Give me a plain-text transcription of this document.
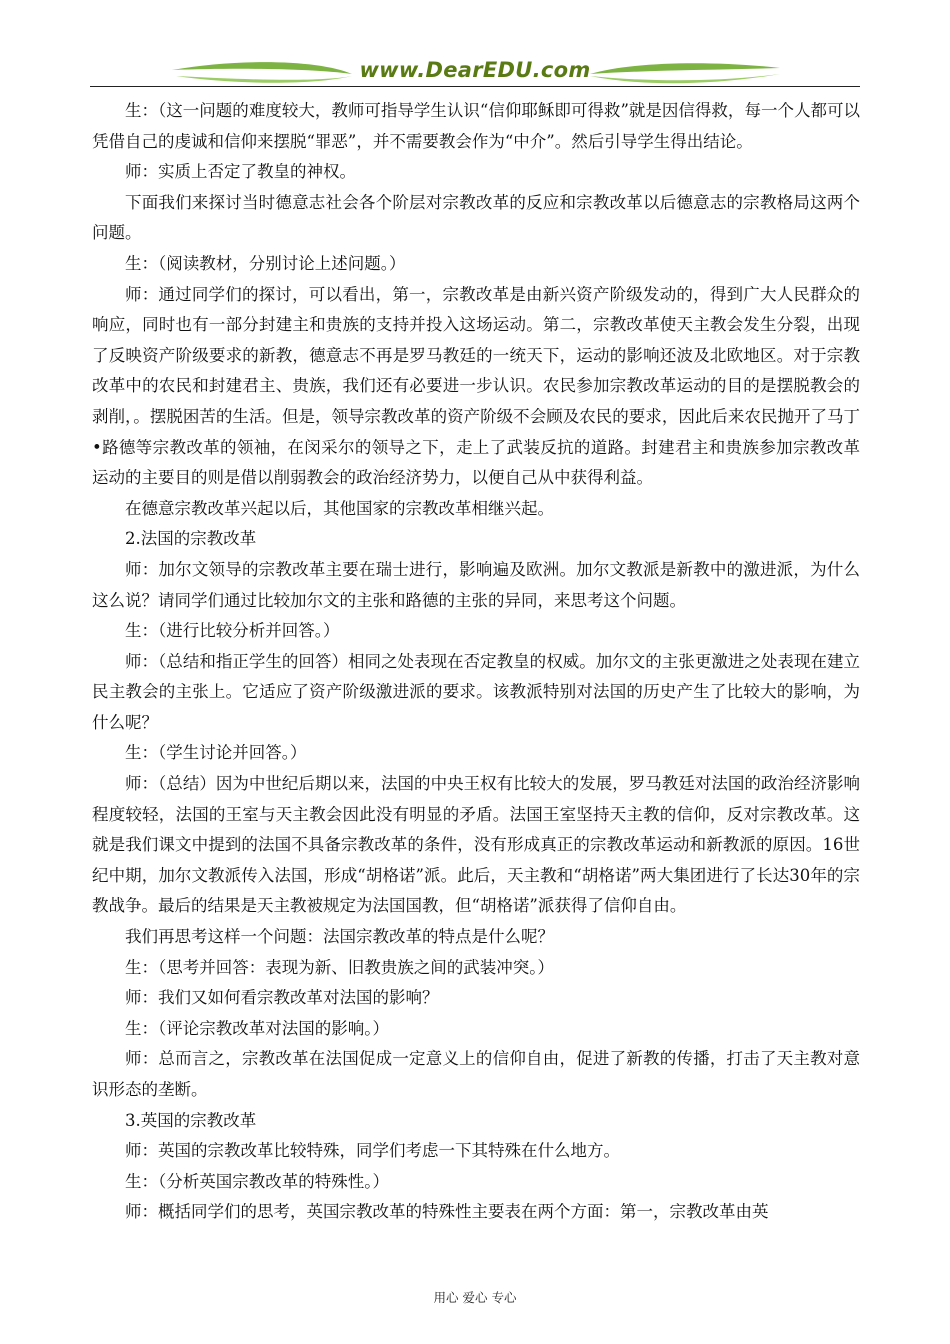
www.DearEDU.com

生：（这一问题的难度较大，教师可指导学生认识“信仰耶稣即可得救”就是因信得救，每一个人都可以凭借自己的虔诚和信仰来摆脱“罪恶”，并不需要教会作为“中介”。然后引导学生得出结论。

师：实质上否定了教皇的神权。

下面我们来探讨当时德意志社会各个阶层对宗教改革的反应和宗教改革以后德意志的宗教格局这两个问题。

生：（阅读教材，分别讨论上述问题。）

师：通过同学们的探讨，可以看出，第一，宗教改革是由新兴资产阶级发动的，得到广大人民群众的响应，同时也有一部分封建主和贵族的支持并投入这场运动。第二，宗教改革使天主教会发生分裂，出现了反映资产阶级要求的新教，德意志不再是罗马教廷的一统天下，运动的影响还波及北欧地区。对于宗教改革中的农民和封建君主、贵族，我们还有必要进一步认识。农民参加宗教改革运动的目的是摆脱教会的剥削，。摆脱困苦的生活。但是，领导宗教改革的资产阶级不会顾及农民的要求，因此后来农民抛开了马丁•路德等宗教改革的领袖，在闵采尔的领导之下，走上了武装反抗的道路。封建君主和贵族参加宗教改革运动的主要目的则是借以削弱教会的政治经济势力，以便自己从中获得利益。

在德意宗教改革兴起以后，其他国家的宗教改革相继兴起。

2.法国的宗教改革

师：加尔文领导的宗教改革主要在瑞士进行，影响遍及欧洲。加尔文教派是新教中的激进派，为什么这么说？请同学们通过比较加尔文的主张和路德的主张的异同，来思考这个问题。

生：（进行比较分析并回答。）

师：（总结和指正学生的回答）相同之处表现在否定教皇的权威。加尔文的主张更激进之处表现在建立民主教会的主张上。它适应了资产阶级激进派的要求。该教派特别对法国的历史产生了比较大的影响，为什么呢？

生：（学生讨论并回答。）

师：（总结）因为中世纪后期以来，法国的中央王权有比较大的发展，罗马教廷对法国的政治经济影响程度较轻，法国的王室与天主教会因此没有明显的矛盾。法国王室坚持天主教的信仰，反对宗教改革。这就是我们课文中提到的法国不具备宗教改革的条件，没有形成真正的宗教改革运动和新教派的原因。16世纪中期，加尔文教派传入法国，形成“胡格诺”派。此后，天主教和“胡格诺”两大集团进行了长达30年的宗教战争。最后的结果是天主教被规定为法国国教，但“胡格诺”派获得了信仰自由。

我们再思考这样一个问题：法国宗教改革的特点是什么呢？

生：（思考并回答：表现为新、旧教贵族之间的武装冲突。）

师：我们又如何看宗教改革对法国的影响？

生：（评论宗教改革对法国的影响。）

师：总而言之，宗教改革在法国促成一定意义上的信仰自由，促进了新教的传播，打击了天主教对意识形态的垄断。

3.英国的宗教改革

师：英国的宗教改革比较特殊，同学们考虑一下其特殊在什么地方。

生：（分析英国宗教改革的特殊性。）

师：概括同学们的思考，英国宗教改革的特殊性主要表在两个方面：第一，宗教改革由英

用心 爱心 专心
